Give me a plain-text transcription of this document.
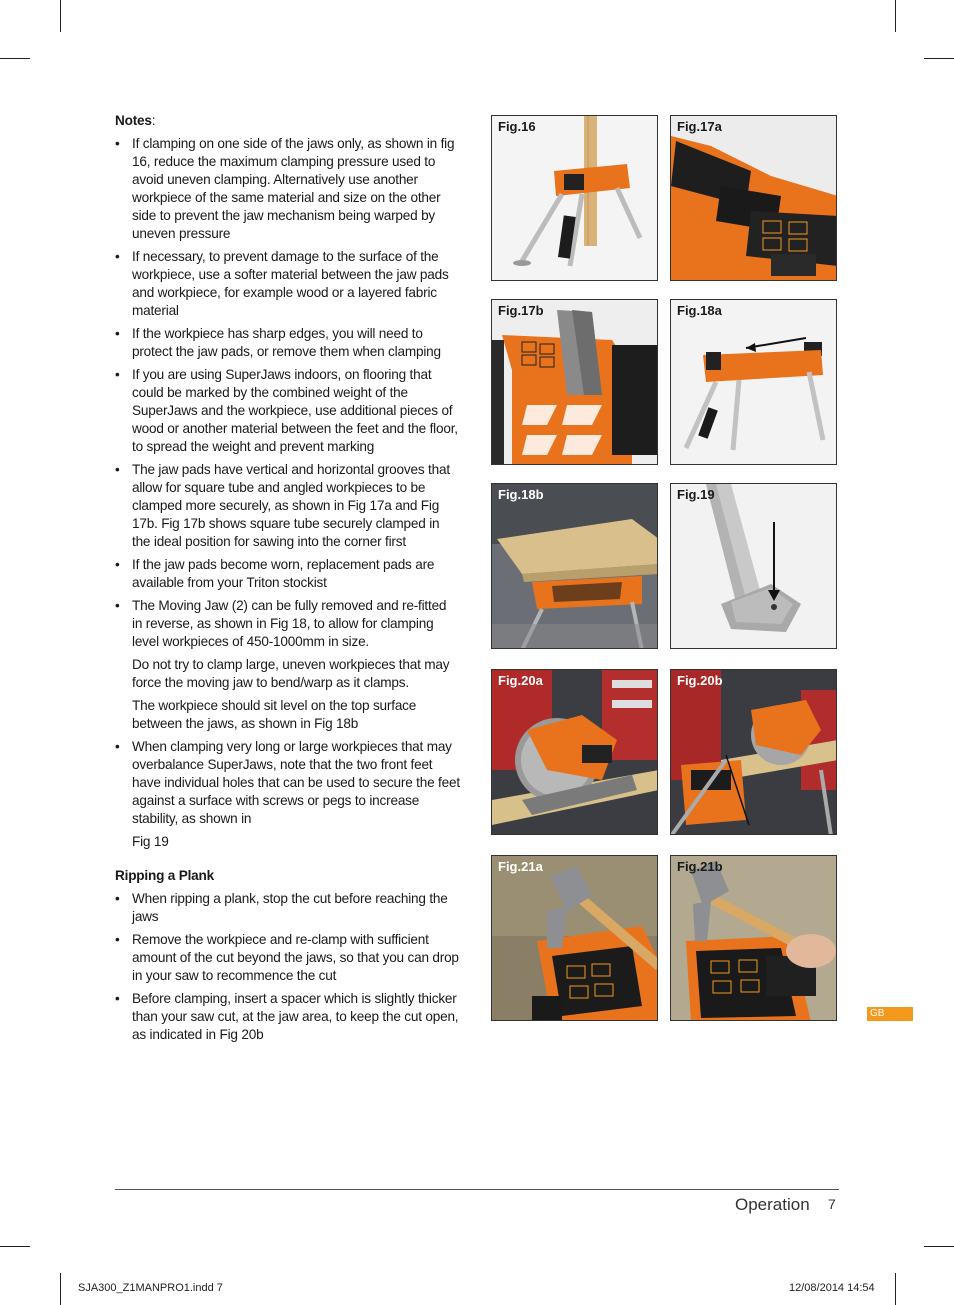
Notes:
• If clamping on one side of the jaws only, as shown in fig 16, reduce the maximum clamping pressure used to avoid uneven clamping. Alternatively use another workpiece of the same material and size on the other side to prevent the jaw mechanism being warped by uneven pressure
• If necessary, to prevent damage to the surface of the workpiece, use a softer material between the jaw pads and workpiece, for example wood or a layered fabric material
• If the workpiece has sharp edges, you will need to protect the jaw pads, or remove them when clamping
• If you are using SuperJaws indoors, on flooring that could be marked by the combined weight of the SuperJaws and the workpiece, use additional pieces of wood or another material between the feet and the floor, to spread the weight and prevent marking
• The jaw pads have vertical and horizontal grooves that allow for square tube and angled workpieces to be clamped more securely, as shown in Fig 17a and Fig 17b. Fig 17b shows square tube securely clamped in the ideal position for sawing into the corner first
• If the jaw pads become worn, replacement pads are available from your Triton stockist
• The Moving Jaw (2) can be fully removed and re-fitted in reverse, as shown in Fig 18, to allow for clamping level workpieces of 450-1000mm in size.
Do not try to clamp large, uneven workpieces that may force the moving jaw to bend/warp as it clamps.
The workpiece should sit level on the top surface between the jaws, as shown in Fig 18b
• When clamping very long or large workpieces that may overbalance SuperJaws, note that the two front feet have individual holes that can be used to secure the feet against a surface with screws or pegs to increase stability, as shown in
Fig 19
Ripping a Plank
• When ripping a plank, stop the cut before reaching the jaws
• Remove the workpiece and re-clamp with sufficient amount of the cut beyond the jaws, so that you can drop in your saw to recommence the cut
• Before clamping, insert a spacer which is slightly thicker than your saw cut, at the jaw area, to keep the cut open, as indicated in Fig 20b
Fig.16	Fig.17a
Fig.17b	Fig.18a
Fig.18b	Fig.19
Fig.20a	Fig.20b
Fig.21a	Fig.21b
GB
Operation 7
SJA300_Z1MANPRO1.indd 7	12/08/2014 14:54
